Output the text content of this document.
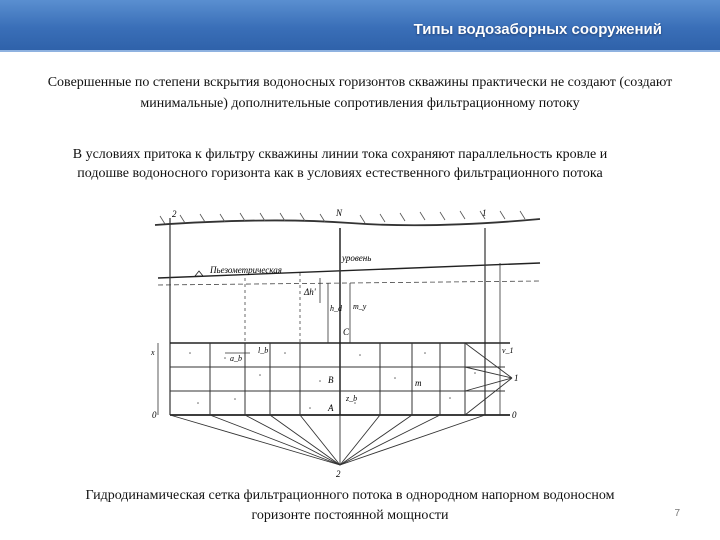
Типы водозаборных сооружений
Совершенные по степени вскрытия водоносных горизонтов скважины практически не создают (создают минимальные) дополнительные сопротивления фильтрационному потоку
В условиях притока к фильтру скважины линии тока сохраняют параллельность кровле и подошве водоносного горизонта как в условиях естественного фильтрационного потока
Пьезометрическая
уровень
2	N	1
Δh'
h_d m_y
C
a_b
l_b
B	m
A
z_b
1
0	0
x	v_1
2
Гидродинамическая сетка фильтрационного потока в однородном напорном водоносном горизонте постоянной мощности	7
